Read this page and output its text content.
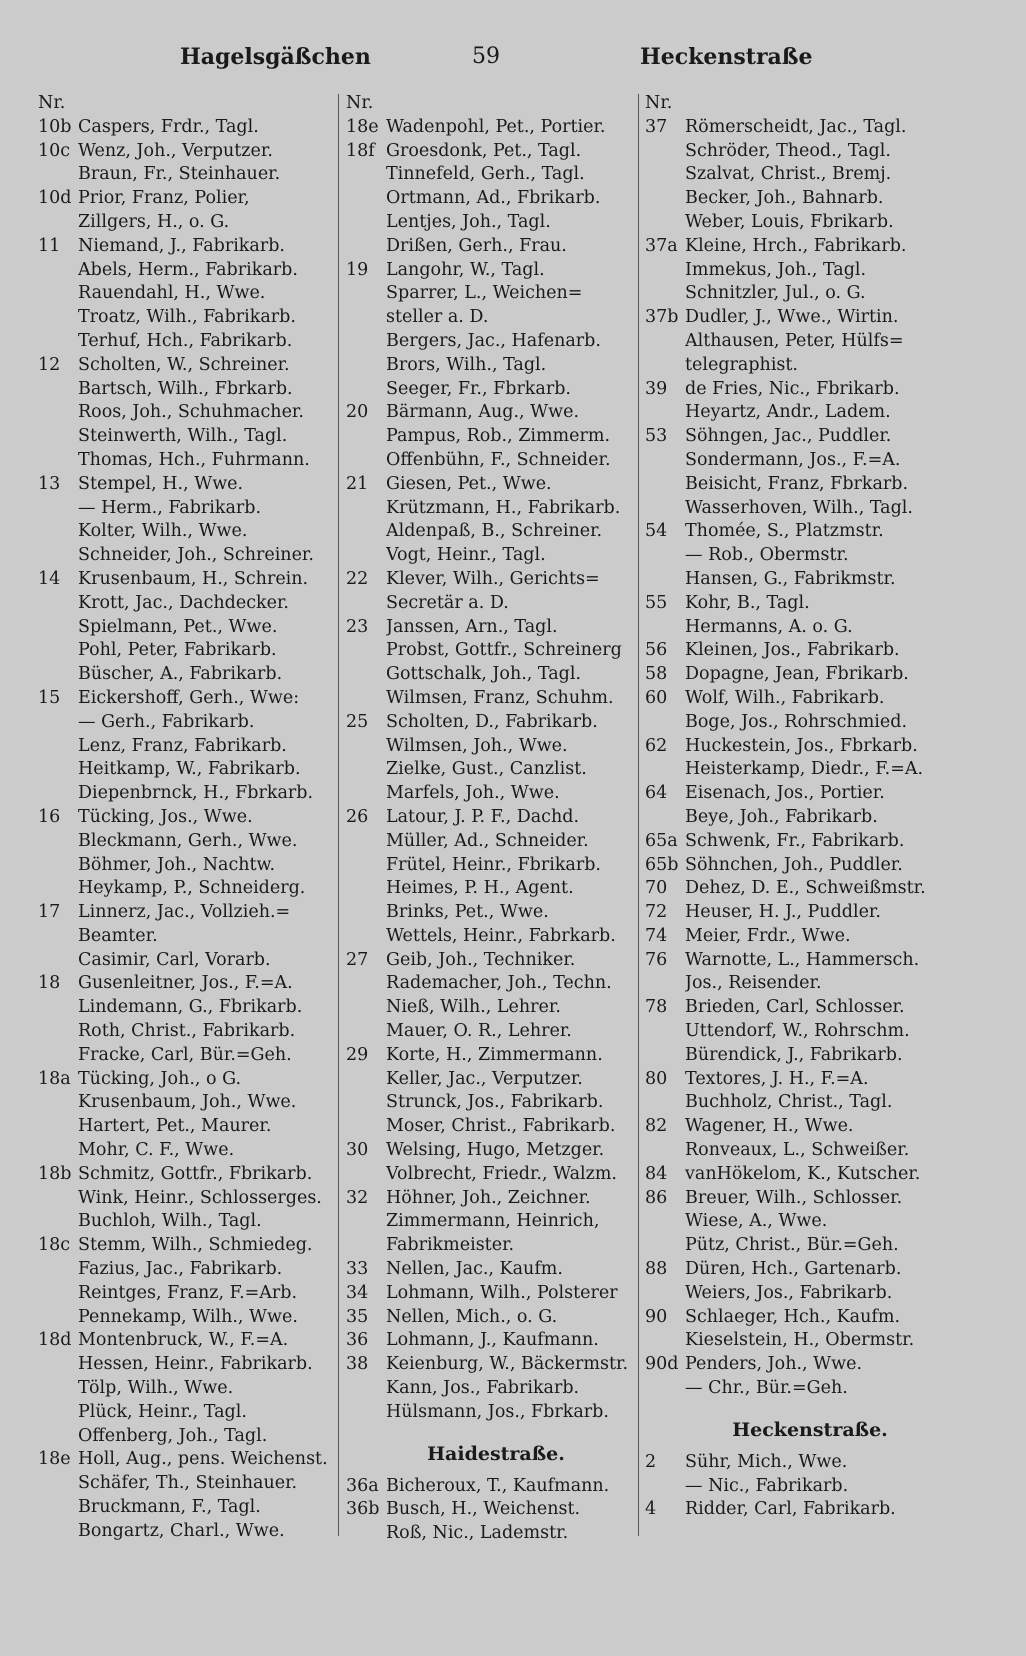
Hagelsgäßchen	59	Heckenstraße
Nr.
10b Caspers, Frdr., Tagl.
10c Wenz, Joh., Verputzer.
Braun, Fr., Steinhauer.
10d Prior, Franz, Polier,
Zillgers, H., o. G.
11	Niemand, J., Fabrikarb.
Abels, Herm., Fabrikarb.
Rauendahl, H., Wwe.
Troatz, Wilh., Fabrikarb.
Terhuf, Hch., Fabrikarb.
12	Scholten, W., Schreiner.
Bartsch, Wilh., Fbrkarb.
Roos, Joh., Schuhmacher.
Steinwerth, Wilh., Tagl.
Thomas, Hch., Fuhrmann.
13	Stempel, H., Wwe.
— Herm., Fabrikarb.
Kolter, Wilh., Wwe.
Schneider, Joh., Schreiner.
14	Krusenbaum, H., Schrein.
Krott, Jac., Dachdecker.
Spielmann, Pet., Wwe.
Pohl, Peter, Fabrikarb.
Büscher, A., Fabrikarb.
15	Eickershoff, Gerh., Wwe:
— Gerh., Fabrikarb.
Lenz, Franz, Fabrikarb.
Heitkamp, W., Fabrikarb.
Diepenbrnck, H., Fbrkarb.
16	Tücking, Jos., Wwe.
Bleckmann, Gerh., Wwe.
Böhmer, Joh., Nachtw.
Heykamp, P., Schneiderg.
17	Linnerz, Jac., Vollzieh.=
Beamter.
Casimir, Carl, Vorarb.
18	Gusenleitner, Jos., F.=A.
Lindemann, G., Fbrikarb.
Roth, Christ., Fabrikarb.
Fracke, Carl, Bür.=Geh.
18a Tücking, Joh., o G.
Krusenbaum, Joh., Wwe.
Hartert, Pet., Maurer.
Mohr, C. F., Wwe.
18b Schmitz, Gottfr., Fbrikarb.
Wink, Heinr., Schlosserges.
Buchloh, Wilh., Tagl.
18c Stemm, Wilh., Schmiedeg.
Fazius, Jac., Fabrikarb.
Reintges, Franz, F.=Arb.
Pennekamp, Wilh., Wwe.
18d Montenbruck, W., F.=A.
Hessen, Heinr., Fabrikarb.
Tölp, Wilh., Wwe.
Plück, Heinr., Tagl.
Offenberg, Joh., Tagl.
18e Holl, Aug., pens. Weichenst.
Schäfer, Th., Steinhauer.
Bruckmann, F., Tagl.
Bongartz, Charl., Wwe.
Nr.
18e Wadenpohl, Pet., Portier.
18f Groesdonk, Pet., Tagl.
Tinnefeld, Gerh., Tagl.
Ortmann, Ad., Fbrikarb.
Lentjes, Joh., Tagl.
Drißen, Gerh., Frau.
19	Langohr, W., Tagl.
Sparrer, L., Weichen=
steller a. D.
Bergers, Jac., Hafenarb.
Brors, Wilh., Tagl.
Seeger, Fr., Fbrkarb.
20	Bärmann, Aug., Wwe.
Pampus, Rob., Zimmerm.
Offenbühn, F., Schneider.
21	Giesen, Pet., Wwe.
Krützmann, H., Fabrikarb.
Aldenpaß, B., Schreiner.
Vogt, Heinr., Tagl.
22	Klever, Wilh., Gerichts=
Secretär a. D.
23	Janssen, Arn., Tagl.
Probst, Gottfr., Schreinerg
Gottschalk, Joh., Tagl.
Wilmsen, Franz, Schuhm.
25	Scholten, D., Fabrikarb.
Wilmsen, Joh., Wwe.
Zielke, Gust., Canzlist.
Marfels, Joh., Wwe.
26	Latour, J. P. F., Dachd.
Müller, Ad., Schneider.
Frütel, Heinr., Fbrikarb.
Heimes, P. H., Agent.
Brinks, Pet., Wwe.
Wettels, Heinr., Fabrkarb.
27	Geib, Joh., Techniker.
Rademacher, Joh., Techn.
Nieß, Wilh., Lehrer.
Mauer, O. R., Lehrer.
29	Korte, H., Zimmermann.
Keller, Jac., Verputzer.
Strunck, Jos., Fabrikarb.
Moser, Christ., Fabrikarb.
30	Welsing, Hugo, Metzger.
Volbrecht, Friedr., Walzm.
32	Höhner, Joh., Zeichner.
Zimmermann, Heinrich,
Fabrikmeister.
33	Nellen, Jac., Kaufm.
34	Lohmann, Wilh., Polsterer
35	Nellen, Mich., o. G.
36	Lohmann, J., Kaufmann.
38	Keienburg, W., Bäckermstr.
Kann, Jos., Fabrikarb.
Hülsmann, Jos., Fbrkarb.
Haidestraße.
36a Bicheroux, T., Kaufmann.
36b Busch, H., Weichenst.
Roß, Nic., Lademstr.
Nr.
37	Römerscheidt, Jac., Tagl.
Schröder, Theod., Tagl.
Szalvat, Christ., Bremj.
Becker, Joh., Bahnarb.
Weber, Louis, Fbrikarb.
37a Kleine, Hrch., Fabrikarb.
Immekus, Joh., Tagl.
Schnitzler, Jul., o. G.
37b Dudler, J., Wwe., Wirtin.
Althausen, Peter, Hülfs=
telegraphist.
39	de Fries, Nic., Fbrikarb.
Heyartz, Andr., Ladem.
53	Söhngen, Jac., Puddler.
Sondermann, Jos., F.=A.
Beisicht, Franz, Fbrkarb.
Wasserhoven, Wilh., Tagl.
54	Thomée, S., Platzmstr.
— Rob., Obermstr.
Hansen, G., Fabrikmstr.
55	Kohr, B., Tagl.
Hermanns, A. o. G.
56	Kleinen, Jos., Fabrikarb.
58	Dopagne, Jean, Fbrikarb.
60	Wolf, Wilh., Fabrikarb.
Boge, Jos., Rohrschmied.
62	Huckestein, Jos., Fbrkarb.
Heisterkamp, Diedr., F.=A.
64	Eisenach, Jos., Portier.
Beye, Joh., Fabrikarb.
65a Schwenk, Fr., Fabrikarb.
65b Söhnchen, Joh., Puddler.
70	Dehez, D. E., Schweißmstr.
72	Heuser, H. J., Puddler.
74	Meier, Frdr., Wwe.
76	Warnotte, L., Hammersch.
Jos., Reisender.
78	Brieden, Carl, Schlosser.
Uttendorf, W., Rohrschm.
Bürendick, J., Fabrikarb.
80	Textores, J. H., F.=A.
Buchholz, Christ., Tagl.
82	Wagener, H., Wwe.
Ronveaux, L., Schweißer.
84	vanHökelom, K., Kutscher.
86	Breuer, Wilh., Schlosser.
Wiese, A., Wwe.
Pütz, Christ., Bür.=Geh.
88	Düren, Hch., Gartenarb.
Weiers, Jos., Fabrikarb.
90	Schlaeger, Hch., Kaufm.
Kieselstein, H., Obermstr.
90d Penders, Joh., Wwe.
— Chr., Bür.=Geh.
Heckenstraße.
2	Sühr, Mich., Wwe.
— Nic., Fabrikarb.
4	Ridder, Carl, Fabrikarb.
